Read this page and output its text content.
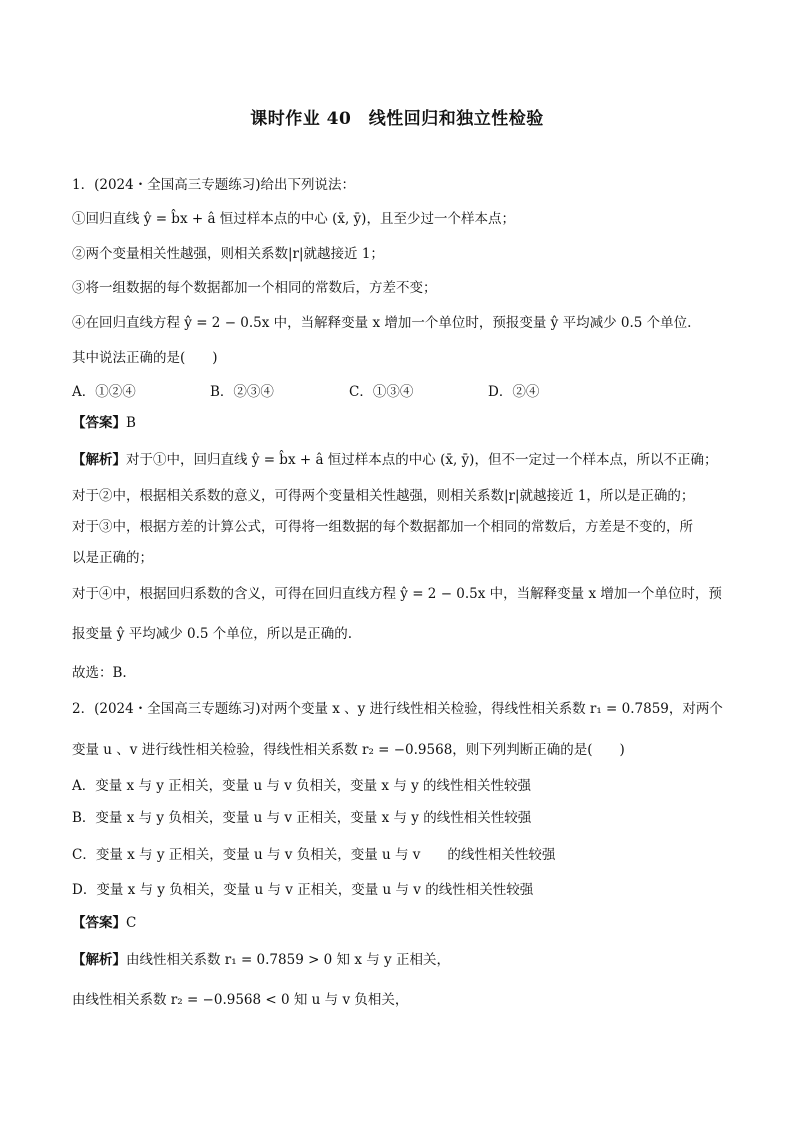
课时作业 40　线性回归和独立性检验
1．(2024・全国高三专题练习)给出下列说法：
①回归直线 ŷ = b̂x + â 恒过样本点的中心 (x̄, ȳ)，且至少过一个样本点；
②两个变量相关性越强，则相关系数|r|就越接近 1；
③将一组数据的每个数据都加一个相同的常数后，方差不变；
④在回归直线方程 ŷ = 2 − 0.5x 中，当解释变量 x 增加一个单位时，预报变量 ŷ 平均减少 0.5 个单位.
其中说法正确的是(　　)
A．①②④	B．②③④	C．①③④	D．②④
【答案】B
【解析】对于①中，回归直线 ŷ = b̂x + â 恒过样本点的中心 (x̄, ȳ)，但不一定过一个样本点，所以不正确；
对于②中，根据相关系数的意义，可得两个变量相关性越强，则相关系数|r|就越接近 1，所以是正确的；
对于③中，根据方差的计算公式，可得将一组数据的每个数据都加一个相同的常数后，方差是不变的，所
以是正确的；
对于④中，根据回归系数的含义，可得在回归直线方程 ŷ = 2 − 0.5x 中，当解释变量 x 增加一个单位时，预
报变量 ŷ 平均减少 0.5 个单位，所以是正确的.
故选：B.
2．(2024・全国高三专题练习)对两个变量 x 、y 进行线性相关检验，得线性相关系数 r₁ = 0.7859，对两个
变量 u 、v 进行线性相关检验，得线性相关系数 r₂ = −0.9568，则下列判断正确的是(　　)
A．变量 x 与 y 正相关，变量 u 与 v 负相关，变量 x 与 y 的线性相关性较强
B．变量 x 与 y 负相关，变量 u 与 v 正相关，变量 x 与 y 的线性相关性较强
C．变量 x 与 y 正相关，变量 u 与 v 负相关，变量 u 与 v　　的线性相关性较强
D．变量 x 与 y 负相关，变量 u 与 v 正相关，变量 u 与 v 的线性相关性较强
【答案】C
【解析】由线性相关系数 r₁ = 0.7859 > 0 知 x 与 y 正相关，
由线性相关系数 r₂ = −0.9568 < 0 知 u 与 v 负相关，
